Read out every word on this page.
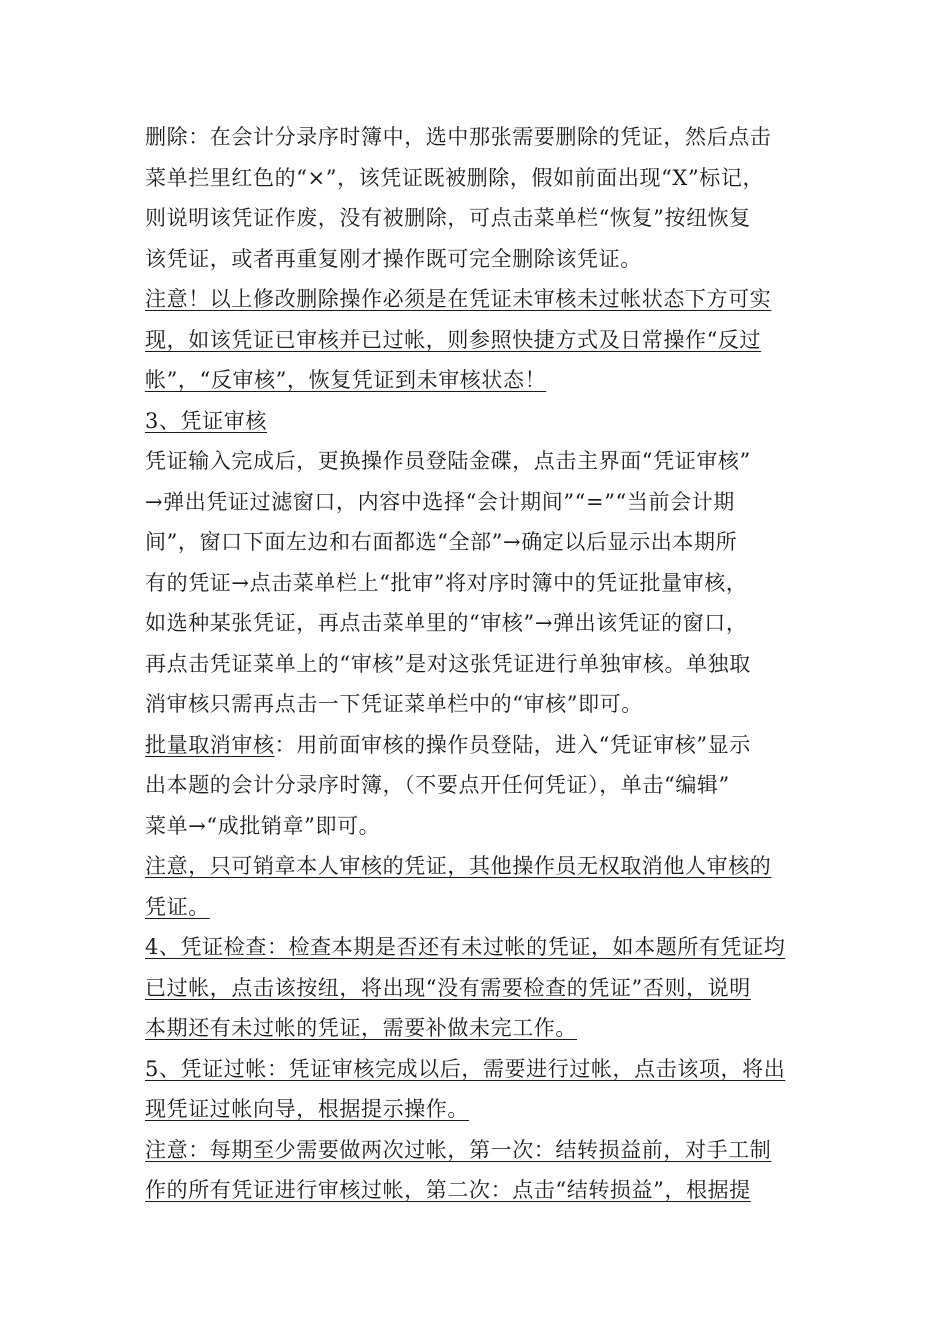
删除：在会计分录序时簿中，选中那张需要删除的凭证，然后点击
菜单拦里红色的“×”，该凭证既被删除，假如前面出现“X”标记，
则说明该凭证作废，没有被删除，可点击菜单栏“恢复”按纽恢复
该凭证，或者再重复刚才操作既可完全删除该凭证。
注意！以上修改删除操作必须是在凭证未审核未过帐状态下方可实
现，如该凭证已审核并已过帐，则参照快捷方式及日常操作“反过
帐”，“反审核”，恢复凭证到未审核状态！
3、凭证审核
凭证输入完成后，更换操作员登陆金碟，点击主界面“凭证审核”
→弹出凭证过滤窗口，内容中选择“会计期间”“=”“当前会计期
间”，窗口下面左边和右面都选“全部”→确定以后显示出本期所
有的凭证→点击菜单栏上“批审”将对序时簿中的凭证批量审核，
如选种某张凭证，再点击菜单里的“审核”→弹出该凭证的窗口，
再点击凭证菜单上的“审核”是对这张凭证进行单独审核。单独取
消审核只需再点击一下凭证菜单栏中的“审核”即可。
批量取消审核：用前面审核的操作员登陆，进入“凭证审核”显示
出本题的会计分录序时簿，（不要点开任何凭证），单击“编辑”
菜单→“成批销章”即可。
注意，只可销章本人审核的凭证，其他操作员无权取消他人审核的
凭证。
4、凭证检查：检查本期是否还有未过帐的凭证，如本题所有凭证均
已过帐，点击该按纽，将出现“没有需要检查的凭证”否则，说明
本期还有未过帐的凭证，需要补做未完工作。
5、凭证过帐：凭证审核完成以后，需要进行过帐，点击该项，将出
现凭证过帐向导，根据提示操作。
注意：每期至少需要做两次过帐，第一次：结转损益前，对手工制
作的所有凭证进行审核过帐，第二次：点击“结转损益”，根据提
